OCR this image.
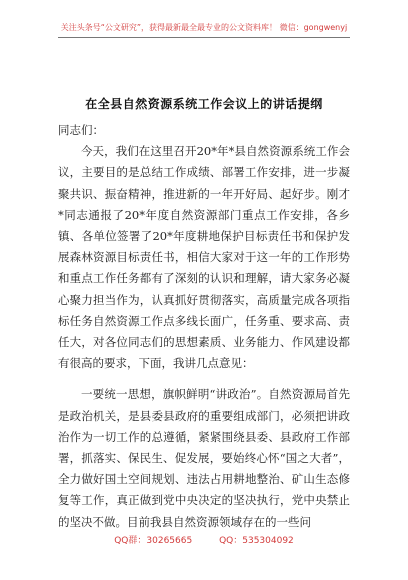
关注头条号“公文研究”，获得最新最全最专业的公文资料库！ 微信：gongwenyj
在全县自然资源系统工作会议上的讲话提纲

同志们：

今天，我们在这里召开20*年*县自然资源系统工作会议，主要目的是总结工作成绩、部署工作安排，进一步凝聚共识、振奋精神，推进新的一年开好局、起好步。刚才*同志通报了20*年度自然资源部门重点工作安排，各乡镇、各单位签署了20*年度耕地保护目标责任书和保护发展森林资源目标责任书，相信大家对于这一年的工作形势和重点工作任务都有了深刻的认识和理解，请大家务必凝心聚力担当作为，认真抓好贯彻落实，高质量完成各项指标任务自然资源工作点多线长面广，任务重、要求高、责任大，对各位同志们的思想素质、业务能力、作风建设都有很高的要求，下面，我讲几点意见：

一要统一思想，旗帜鲜明“讲政治”。自然资源局首先是政治机关，是县委县政府的重要组成部门，必须把讲政治作为一切工作的总遵循，紧紧围绕县委、县政府工作部署，抓落实、保民生、促发展，要始终心怀“国之大者”，全力做好国土空间规划、违法占用耕地整治、矿山生态修复等工作，真正做到党中央决定的坚决执行，党中央禁止的坚决不做。目前我县自然资源领域存在的一些问

QQ群：30265665	QQ：535304092
